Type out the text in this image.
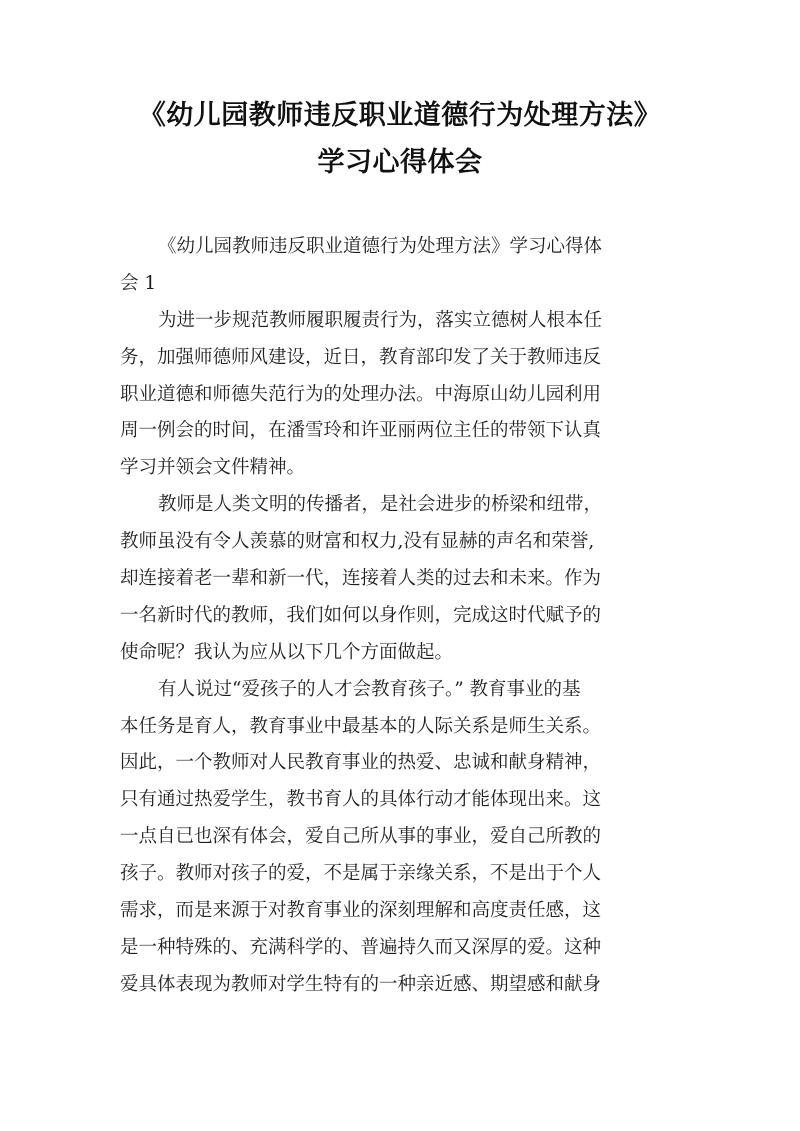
《幼儿园教师违反职业道德行为处理方法》
学习心得体会
《幼儿园教师违反职业道德行为处理方法》学习心得体
会 1
为进一步规范教师履职履责行为，落实立德树人根本任
务，加强师德师风建设，近日，教育部印发了关于教师违反
职业道德和师德失范行为的处理办法。中海原山幼儿园利用
周一例会的时间，在潘雪玲和许亚丽两位主任的带领下认真
学习并领会文件精神。
教师是人类文明的传播者，是社会进步的桥梁和纽带，
教师虽没有令人羡慕的财富和权力,没有显赫的声名和荣誉,
却连接着老一辈和新一代，连接着人类的过去和未来。作为
一名新时代的教师，我们如何以身作则，完成这时代赋予的
使命呢？我认为应从以下几个方面做起。
有人说过“爱孩子的人才会教育孩子。” 教育事业的基
本任务是育人，教育事业中最基本的人际关系是师生关系。
因此，一个教师对人民教育事业的热爱、忠诚和献身精神，
只有通过热爱学生，教书育人的具体行动才能体现出来。这
一点自已也深有体会，爱自己所从事的事业，爱自己所教的
孩子。教师对孩子的爱，不是属于亲缘关系，不是出于个人
需求，而是来源于对教育事业的深刻理解和高度责任感，这
是一种特殊的、充满科学的、普遍持久而又深厚的爱。这种
爱具体表现为教师对学生特有的一种亲近感、期望感和献身
